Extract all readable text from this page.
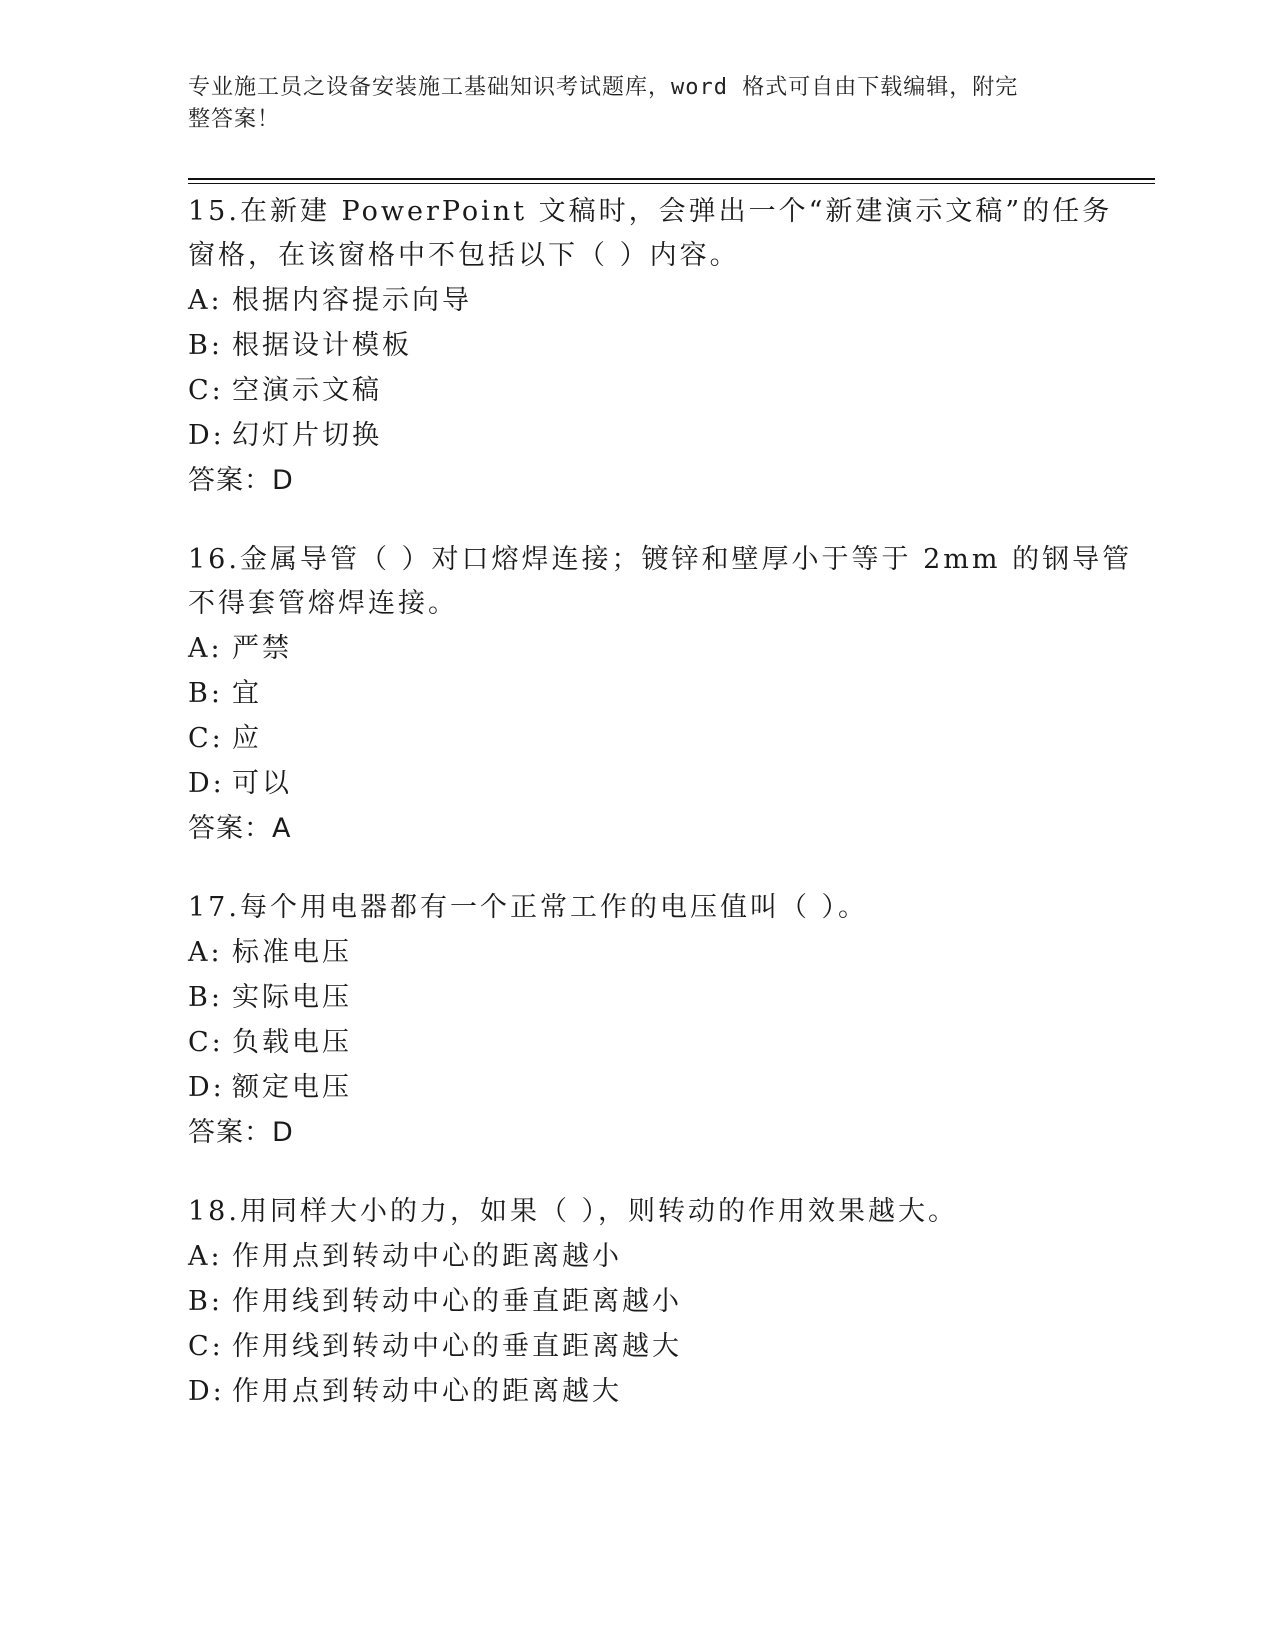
专业施工员之设备安装施工基础知识考试题库，word 格式可自由下载编辑，附完
整答案！

15.在新建 PowerPoint 文稿时，会弹出一个“新建演示文稿”的任务
窗格，在该窗格中不包括以下（ ）内容。

A: 根据内容提示向导
B: 根据设计模板
C: 空演示文稿
D: 幻灯片切换
答案：D

16.金属导管（ ）对口熔焊连接；镀锌和壁厚小于等于 2mm 的钢导管
不得套管熔焊连接。

A: 严禁
B: 宜
C: 应
D: 可以
答案：A

17.每个用电器都有一个正常工作的电压值叫（ ）。

A: 标准电压
B: 实际电压
C: 负载电压
D: 额定电压
答案：D

18.用同样大小的力，如果（ ），则转动的作用效果越大。

A: 作用点到转动中心的距离越小
B: 作用线到转动中心的垂直距离越小
C: 作用线到转动中心的垂直距离越大
D: 作用点到转动中心的距离越大
